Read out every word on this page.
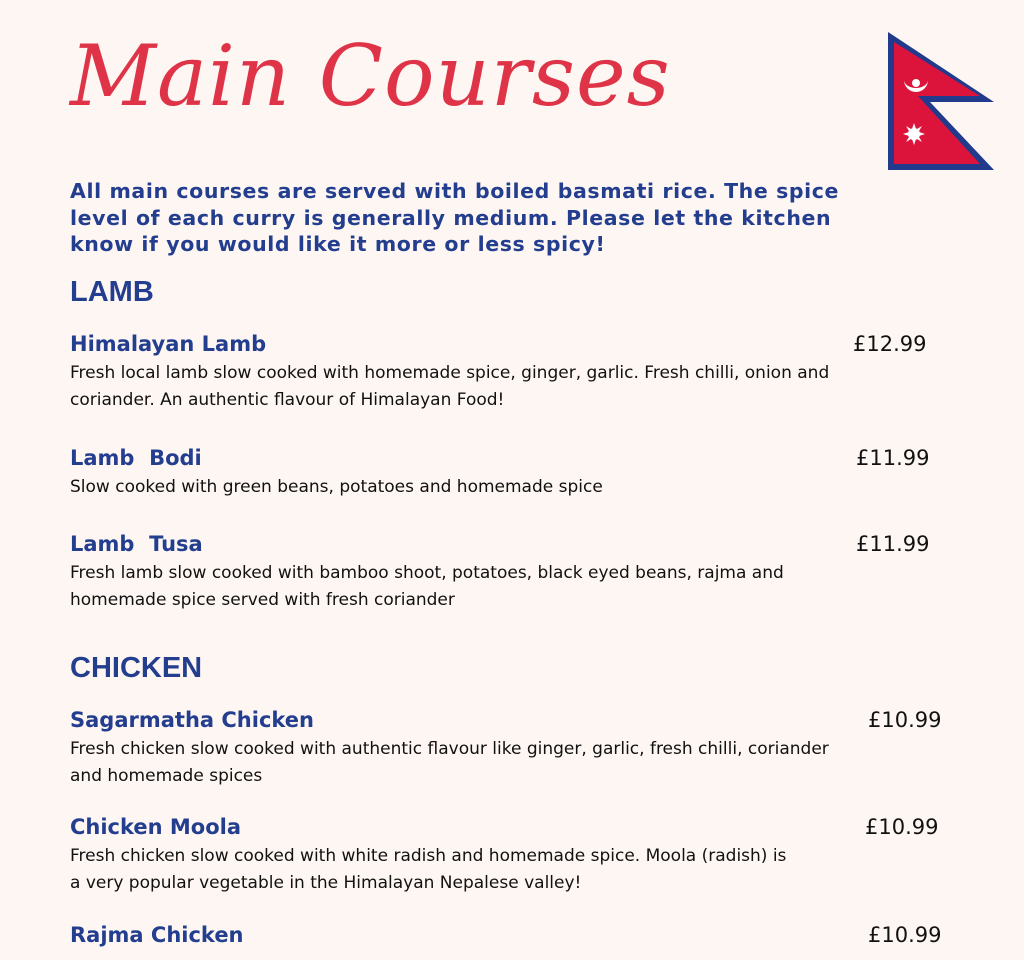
Main Courses

All main courses are served with boiled basmati rice. The spice level of each curry is generally medium. Please let the kitchen know if you would like it more or less spicy!

LAMB
Himalayan Lamb	£12.99

Fresh local lamb slow cooked with homemade spice, ginger, garlic. Fresh chilli, onion and coriander. An authentic flavour of Himalayan Food!

Lamb  Bodi	£11.99

Slow cooked with green beans, potatoes and homemade spice

Lamb  Tusa	£11.99

Fresh lamb slow cooked with bamboo shoot, potatoes, black eyed beans, rajma and homemade spice served with fresh coriander

CHICKEN
Sagarmatha Chicken	£10.99

Fresh chicken slow cooked with authentic flavour like ginger, garlic, fresh chilli, coriander and homemade spices

Chicken Moola	£10.99

Fresh chicken slow cooked with white radish and homemade spice. Moola (radish) is a very popular vegetable in the Himalayan Nepalese valley!

Rajma Chicken	£10.99
